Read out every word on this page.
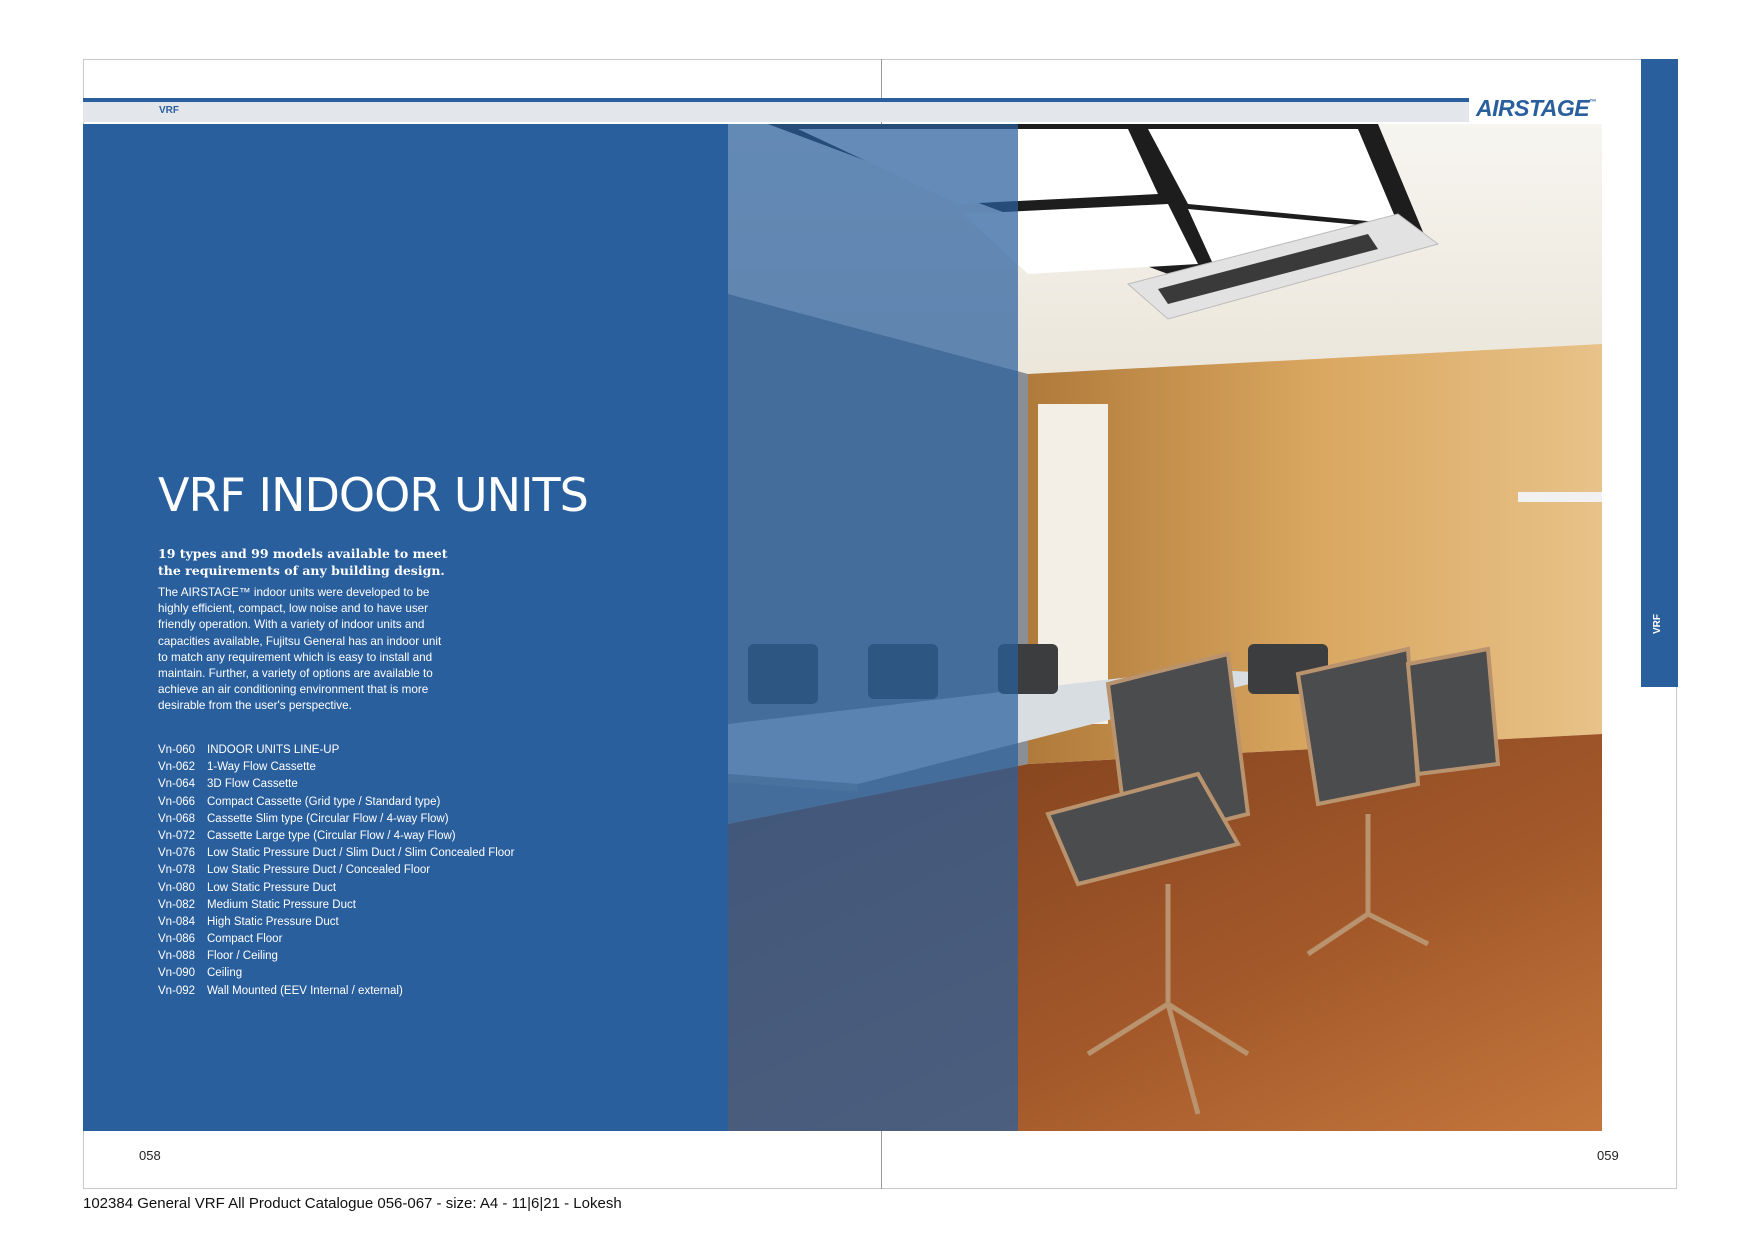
VRF	AIRSTAGE™
VRF
VRF INDOOR UNITS
19 types and 99 models available to meet
the requirements of any building design.
The AIRSTAGE™ indoor units were developed to be
highly efficient, compact, low noise and to have user
friendly operation. With a variety of indoor units and
capacities available, Fujitsu General has an indoor unit
to match any requirement which is easy to install and
maintain. Further, a variety of options are available to
achieve an air conditioning environment that is more
desirable from the user's perspective.
Vn-060 INDOOR UNITS LINE-UP
Vn-062 1-Way Flow Cassette
Vn-064 3D Flow Cassette
Vn-066 Compact Cassette (Grid type / Standard type)
Vn-068 Cassette Slim type (Circular Flow / 4-way Flow)
Vn-072 Cassette Large type (Circular Flow / 4-way Flow)
Vn-076 Low Static Pressure Duct / Slim Duct / Slim Concealed Floor
Vn-078 Low Static Pressure Duct / Concealed Floor
Vn-080 Low Static Pressure Duct
Vn-082 Medium Static Pressure Duct
Vn-084 High Static Pressure Duct
Vn-086 Compact Floor
Vn-088 Floor / Ceiling
Vn-090 Ceiling
Vn-092 Wall Mounted (EEV Internal / external)
058	059
102384 General VRF All Product Catalogue 056-067 - size: A4 - 11|6|21 - Lokesh
